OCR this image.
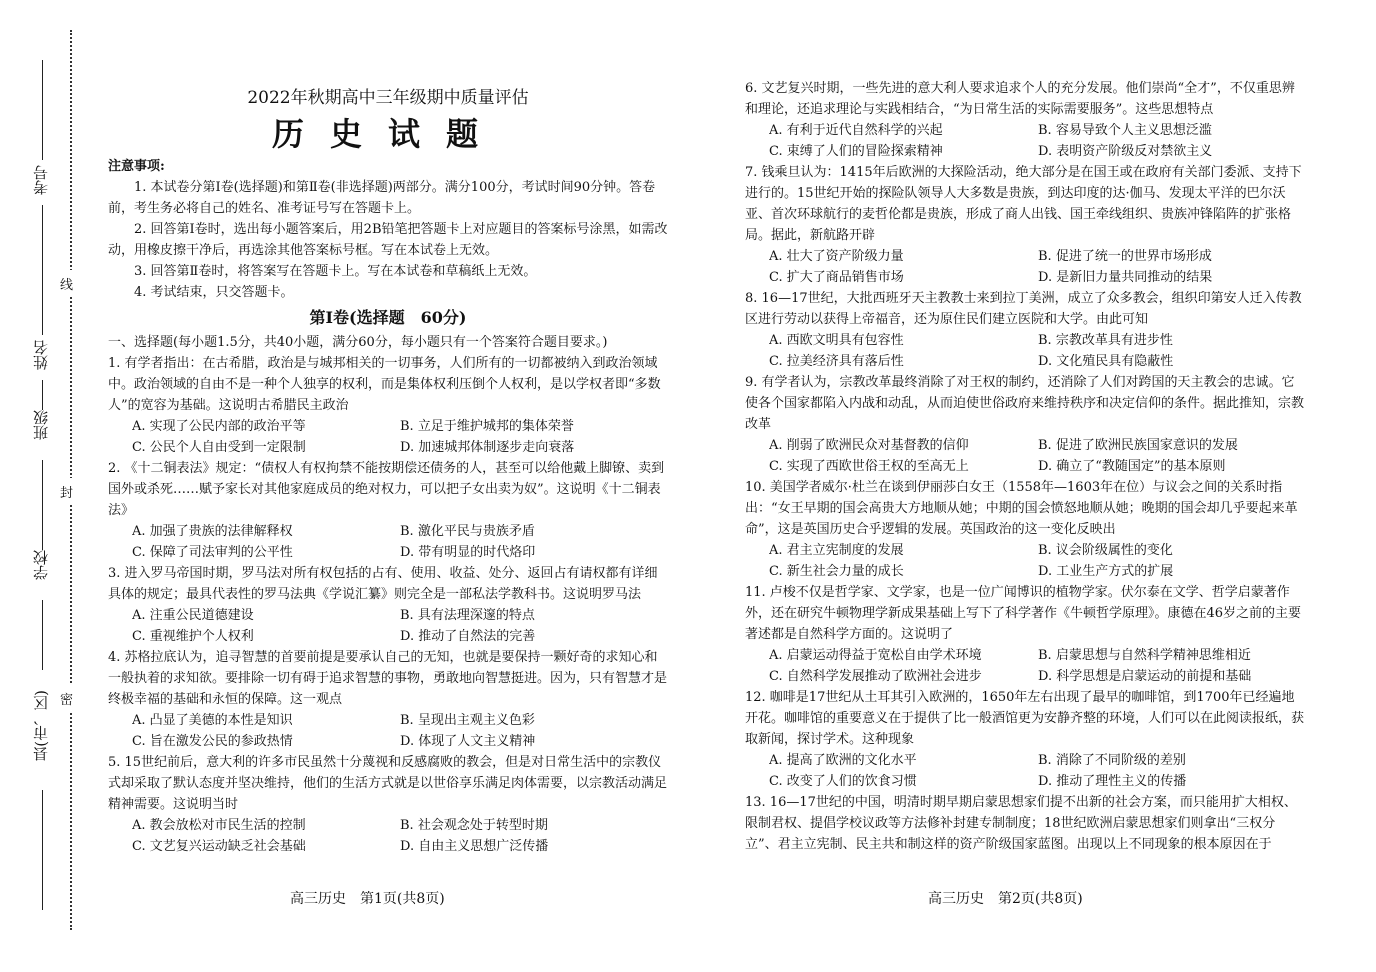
考号
姓名
班级
学校
县(市、区)
线
封
密

2022年秋期高中三年级期中质量评估

历史试题

注意事项:

1. 本试卷分第Ⅰ卷(选择题)和第Ⅱ卷(非选择题)两部分。满分100分，考试时间90分钟。答卷前，考生务必将自己的姓名、准考证号写在答题卡上。

2. 回答第Ⅰ卷时，选出每小题答案后，用2B铅笔把答题卡上对应题目的答案标号涂黑，如需改动，用橡皮擦干净后，再选涂其他答案标号框。写在本试卷上无效。

3. 回答第Ⅱ卷时，将答案写在答题卡上。写在本试卷和草稿纸上无效。

4. 考试结束，只交答题卡。

第Ⅰ卷(选择题　60分)

一、选择题(每小题1.5分，共40小题，满分60分，每小题只有一个答案符合题目要求。)

1. 有学者指出：在古希腊，政治是与城邦相关的一切事务，人们所有的一切都被纳入到政治领域中。政治领域的自由不是一种个人独享的权利，而是集体权利压倒个人权利，是以学权者即“多数人”的宽容为基础。这说明古希腊民主政治

A. 实现了公民内部的政治平等	B. 立足于维护城邦的集体荣誉
C. 公民个人自由受到一定限制	D. 加速城邦体制逐步走向衰落

2. 《十二铜表法》规定：“债权人有权拘禁不能按期偿还债务的人，甚至可以给他戴上脚镣、卖到国外或杀死……赋予家长对其他家庭成员的绝对权力，可以把子女出卖为奴”。这说明《十二铜表法》

A. 加强了贵族的法律解释权	B. 激化平民与贵族矛盾
C. 保障了司法审判的公平性	D. 带有明显的时代烙印

3. 进入罗马帝国时期，罗马法对所有权包括的占有、使用、收益、处分、返回占有请权都有详细具体的规定；最具代表性的罗马法典《学说汇纂》则完全是一部私法学教科书。这说明罗马法

A. 注重公民道德建设	B. 具有法理深邃的特点
C. 重视维护个人权利	D. 推动了自然法的完善

4. 苏格拉底认为，追寻智慧的首要前提是要承认自己的无知，也就是要保持一颗好奇的求知心和一般执着的求知欲。要排除一切有碍于追求智慧的事物，勇敢地向智慧挺进。因为，只有智慧才是终极幸福的基础和永恒的保障。这一观点

A. 凸显了美德的本性是知识	B. 呈现出主观主义色彩
C. 旨在激发公民的参政热情	D. 体现了人文主义精神

5. 15世纪前后，意大利的许多市民虽然十分蔑视和反感腐败的教会，但是对日常生活中的宗教仪式却采取了默认态度并坚决维持，他们的生活方式就是以世俗享乐满足肉体需要，以宗教活动满足精神需要。这说明当时

A. 教会放松对市民生活的控制	B. 社会观念处于转型时期
C. 文艺复兴运动缺乏社会基础	D. 自由主义思想广泛传播

6. 文艺复兴时期，一些先进的意大利人要求追求个人的充分发展。他们崇尚“全才”，不仅重思辨和理论，还追求理论与实践相结合，“为日常生活的实际需要服务”。这些思想特点

A. 有利于近代自然科学的兴起	B. 容易导致个人主义思想泛滥
C. 束缚了人们的冒险探索精神	D. 表明资产阶级反对禁欲主义

7. 钱乘旦认为：1415年后欧洲的大探险活动，绝大部分是在国王或在政府有关部门委派、支持下进行的。15世纪开始的探险队领导人大多数是贵族，到达印度的达·伽马、发现太平洋的巴尔沃亚、首次环球航行的麦哲伦都是贵族，形成了商人出钱、国王牵线组织、贵族冲锋陷阵的扩张格局。据此，新航路开辟

A. 壮大了资产阶级力量	B. 促进了统一的世界市场形成
C. 扩大了商品销售市场	D. 是新旧力量共同推动的结果

8. 16—17世纪，大批西班牙天主教教士来到拉丁美洲，成立了众多教会，组织印第安人迁入传教区进行劳动以获得上帝福音，还为原住民们建立医院和大学。由此可知

A. 西欧文明具有包容性	B. 宗教改革具有进步性
C. 拉美经济具有落后性	D. 文化殖民具有隐蔽性

9. 有学者认为，宗教改革最终消除了对王权的制约，还消除了人们对跨国的天主教会的忠诚。它使各个国家都陷入内战和动乱，从而迫使世俗政府来维持秩序和决定信仰的条件。据此推知，宗教改革

A. 削弱了欧洲民众对基督教的信仰	B. 促进了欧洲民族国家意识的发展
C. 实现了西欧世俗王权的至高无上	D. 确立了“教随国定”的基本原则

10. 美国学者威尔·杜兰在谈到伊丽莎白女王（1558年—1603年在位）与议会之间的关系时指出：“女王早期的国会高贵大方地顺从她；中期的国会愤怒地顺从她；晚期的国会却几乎要起来革命”，这是英国历史合乎逻辑的发展。英国政治的这一变化反映出

A. 君主立宪制度的发展	B. 议会阶级属性的变化
C. 新生社会力量的成长	D. 工业生产方式的扩展

11. 卢梭不仅是哲学家、文学家，也是一位广闻博识的植物学家。伏尔泰在文学、哲学启蒙著作外，还在研究牛顿物理学新成果基础上写下了科学著作《牛顿哲学原理》。康德在46岁之前的主要著述都是自然科学方面的。这说明了

A. 启蒙运动得益于宽松自由学术环境	B. 启蒙思想与自然科学精神思维相近
C. 自然科学发展推动了欧洲社会进步	D. 科学思想是启蒙运动的前提和基础

12. 咖啡是17世纪从土耳其引入欧洲的，1650年左右出现了最早的咖啡馆，到1700年已经遍地开花。咖啡馆的重要意义在于提供了比一般酒馆更为安静齐整的环境，人们可以在此阅读报纸，获取新闻，探讨学术。这种现象

A. 提高了欧洲的文化水平	B. 消除了不同阶级的差别
C. 改变了人们的饮食习惯	D. 推动了理性主义的传播

13. 16—17世纪的中国，明清时期早期启蒙思想家们提不出新的社会方案，而只能用扩大相权、限制君权、提倡学校议政等方法修补封建专制制度；18世纪欧洲启蒙思想家们则拿出“三权分立”、君主立宪制、民主共和制这样的资产阶级国家蓝图。出现以上不同现象的根本原因在于

高三历史　第1页(共8页)	高三历史　第2页(共8页)
